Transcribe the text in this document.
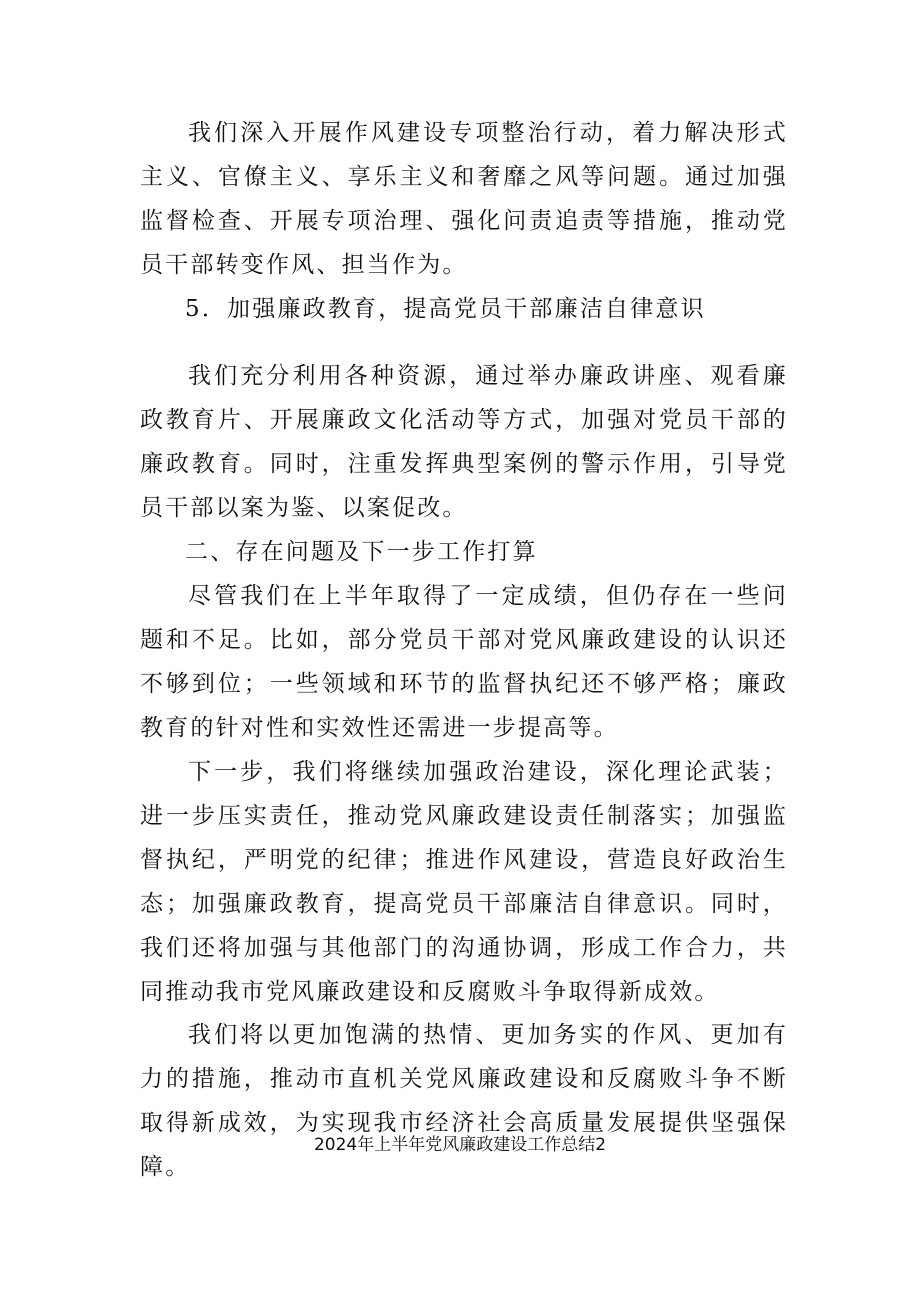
我们深入开展作风建设专项整治行动，着力解决形式主义、官僚主义、享乐主义和奢靡之风等问题。通过加强监督检查、开展专项治理、强化问责追责等措施，推动党员干部转变作风、担当作为。

5．加强廉政教育，提高党员干部廉洁自律意识

我们充分利用各种资源，通过举办廉政讲座、观看廉政教育片、开展廉政文化活动等方式，加强对党员干部的廉政教育。同时，注重发挥典型案例的警示作用，引导党员干部以案为鉴、以案促改。

二、存在问题及下一步工作打算

尽管我们在上半年取得了一定成绩，但仍存在一些问题和不足。比如，部分党员干部对党风廉政建设的认识还不够到位；一些领域和环节的监督执纪还不够严格；廉政教育的针对性和实效性还需进一步提高等。

下一步，我们将继续加强政治建设，深化理论武装；进一步压实责任，推动党风廉政建设责任制落实；加强监督执纪，严明党的纪律；推进作风建设，营造良好政治生态；加强廉政教育，提高党员干部廉洁自律意识。同时，我们还将加强与其他部门的沟通协调，形成工作合力，共同推动我市党风廉政建设和反腐败斗争取得新成效。

我们将以更加饱满的热情、更加务实的作风、更加有力的措施，推动市直机关党风廉政建设和反腐败斗争不断取得新成效，为实现我市经济社会高质量发展提供坚强保障。

2024年上半年党风廉政建设工作总结2
